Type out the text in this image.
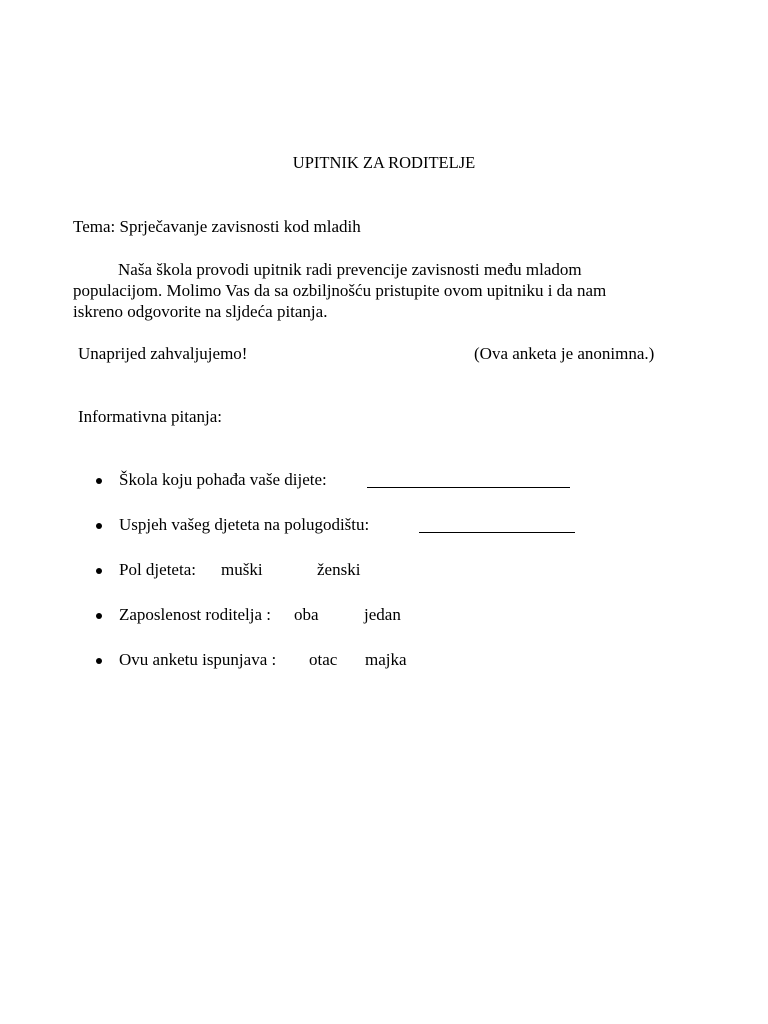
UPITNIK ZA RODITELJE
Tema: Sprječavanje zavisnosti kod mladih
Naša škola provodi upitnik radi prevencije zavisnosti među mladom
populacijom. Molimo Vas da sa ozbiljnošću pristupite ovom upitniku i da nam
iskreno odgovorite na sljdeća pitanja.
Unaprijed zahvaljujemo!	(Ova anketa je anonimna.)
Informativna pitanja:
Škola koju pohađa vaše dijete:
Uspjeh vašeg djeteta na polugodištu:
Pol djeteta: muški	ženski
Zaposlenost roditelja : oba	jedan
Ovu anketu ispunjava : otac majka
